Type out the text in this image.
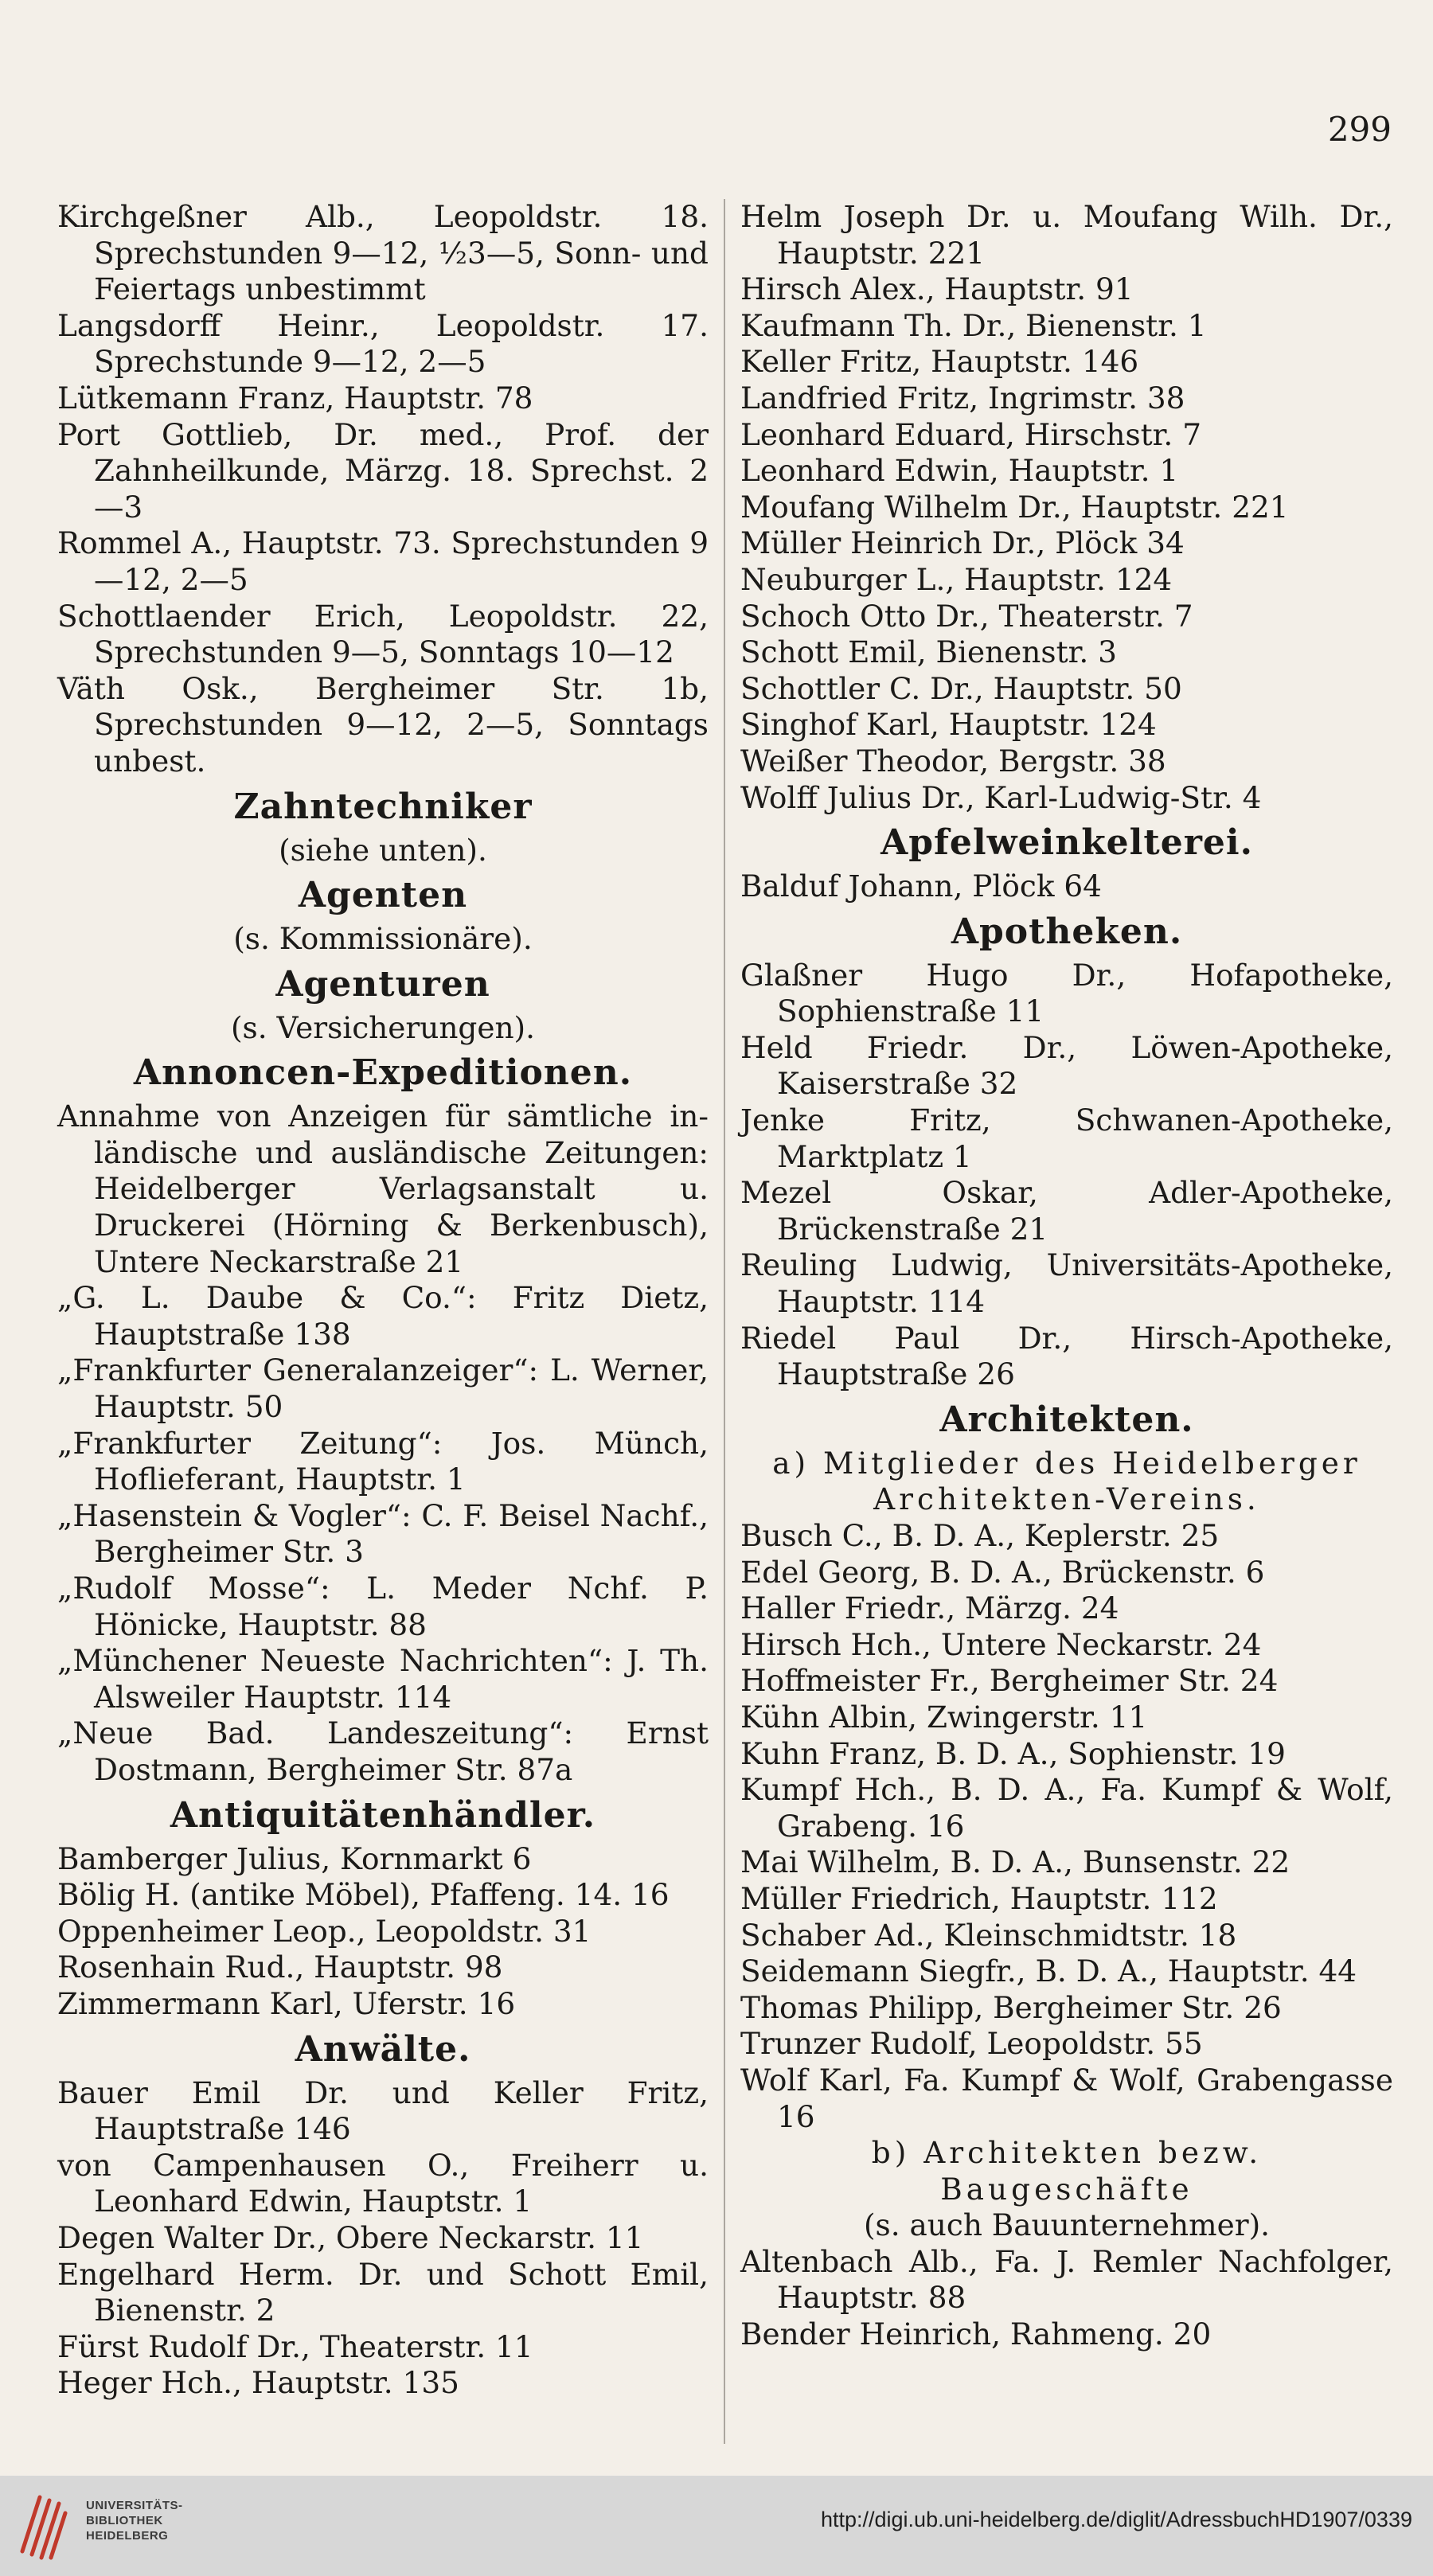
299
Kirchgeßner Alb., Leopoldstr. 18. Sprechstunden 9—12, ½3—5, Sonn- und Feiertags unbestimmt
Langsdorff Heinr., Leopoldstr. 17. Sprechstunde 9—12, 2—5
Lütkemann Franz, Hauptstr. 78
Port Gottlieb, Dr. med., Prof. der Zahnheilkunde, Märzg. 18. Sprechst. 2—3
Rommel A., Hauptstr. 73. Sprechstunden 9—12, 2—5
Schottlaender Erich, Leopoldstr. 22, Sprechstunden 9—5, Sonntags 10—12
Väth Osk., Bergheimer Str. 1b, Sprechstunden 9—12, 2—5, Sonntags unbest.
Zahntechniker
(siehe unten).
Agenten
(s. Kommissionäre).
Agenturen
(s. Versicherungen).
Annoncen-Expeditionen.
Annahme von Anzeigen für sämtliche in- ländische und ausländische Zeitungen: Heidelberger Verlagsanstalt u. Druckerei (Hörning & Berkenbusch), Untere Neckarstraße 21
„G. L. Daube & Co.“: Fritz Dietz, Hauptstraße 138
„Frankfurter Generalanzeiger“: L. Werner, Hauptstr. 50
„Frankfurter Zeitung“: Jos. Münch, Hoflieferant, Hauptstr. 1
„Hasenstein & Vogler“: C. F. Beisel Nachf., Bergheimer Str. 3
„Rudolf Mosse“: L. Meder Nchf. P. Hönicke, Hauptstr. 88
„Münchener Neueste Nachrichten“: J. Th. Alsweiler Hauptstr. 114
„Neue Bad. Landeszeitung“: Ernst Dostmann, Bergheimer Str. 87a
Antiquitätenhändler.
Bamberger Julius, Kornmarkt 6
Bölig H. (antike Möbel), Pfaffeng. 14. 16
Oppenheimer Leop., Leopoldstr. 31
Rosenhain Rud., Hauptstr. 98
Zimmermann Karl, Uferstr. 16
Anwälte.
Bauer Emil Dr. und Keller Fritz, Hauptstraße 146
von Campenhausen O., Freiherr u. Leonhard Edwin, Hauptstr. 1
Degen Walter Dr., Obere Neckarstr. 11
Engelhard Herm. Dr. und Schott Emil, Bienenstr. 2
Fürst Rudolf Dr., Theaterstr. 11
Heger Hch., Hauptstr. 135
Helm Joseph Dr. u. Moufang Wilh. Dr., Hauptstr. 221
Hirsch Alex., Hauptstr. 91
Kaufmann Th. Dr., Bienenstr. 1
Keller Fritz, Hauptstr. 146
Landfried Fritz, Ingrimstr. 38
Leonhard Eduard, Hirschstr. 7
Leonhard Edwin, Hauptstr. 1
Moufang Wilhelm Dr., Hauptstr. 221
Müller Heinrich Dr., Plöck 34
Neuburger L., Hauptstr. 124
Schoch Otto Dr., Theaterstr. 7
Schott Emil, Bienenstr. 3
Schottler C. Dr., Hauptstr. 50
Singhof Karl, Hauptstr. 124
Weißer Theodor, Bergstr. 38
Wolff Julius Dr., Karl-Ludwig-Str. 4
Apfelweinkelterei.
Balduf Johann, Plöck 64
Apotheken.
Glaßner Hugo Dr., Hofapotheke, Sophienstraße 11
Held Friedr. Dr., Löwen-Apotheke, Kaiserstraße 32
Jenke Fritz, Schwanen-Apotheke, Marktplatz 1
Mezel Oskar, Adler-Apotheke, Brückenstraße 21
Reuling Ludwig, Universitäts-Apotheke, Hauptstr. 114
Riedel Paul Dr., Hirsch-Apotheke, Hauptstraße 26
Architekten.
a) Mitglieder des Heidelberger Architekten-Vereins.
Busch C., B. D. A., Keplerstr. 25
Edel Georg, B. D. A., Brückenstr. 6
Haller Friedr., Märzg. 24
Hirsch Hch., Untere Neckarstr. 24
Hoffmeister Fr., Bergheimer Str. 24
Kühn Albin, Zwingerstr. 11
Kuhn Franz, B. D. A., Sophienstr. 19
Kumpf Hch., B. D. A., Fa. Kumpf & Wolf, Grabeng. 16
Mai Wilhelm, B. D. A., Bunsenstr. 22
Müller Friedrich, Hauptstr. 112
Schaber Ad., Kleinschmidtstr. 18
Seidemann Siegfr., B. D. A., Hauptstr. 44
Thomas Philipp, Bergheimer Str. 26
Trunzer Rudolf, Leopoldstr. 55
Wolf Karl, Fa. Kumpf & Wolf, Grabengasse 16
b) Architekten bezw. Baugeschäfte
(s. auch Bauunternehmer).
Altenbach Alb., Fa. J. Remler Nachfolger, Hauptstr. 88
Bender Heinrich, Rahmeng. 20
UNIVERSITÄTS-
BIBLIOTHEK
HEIDELBERG
http://digi.ub.uni-heidelberg.de/diglit/AdressbuchHD1907/0339
